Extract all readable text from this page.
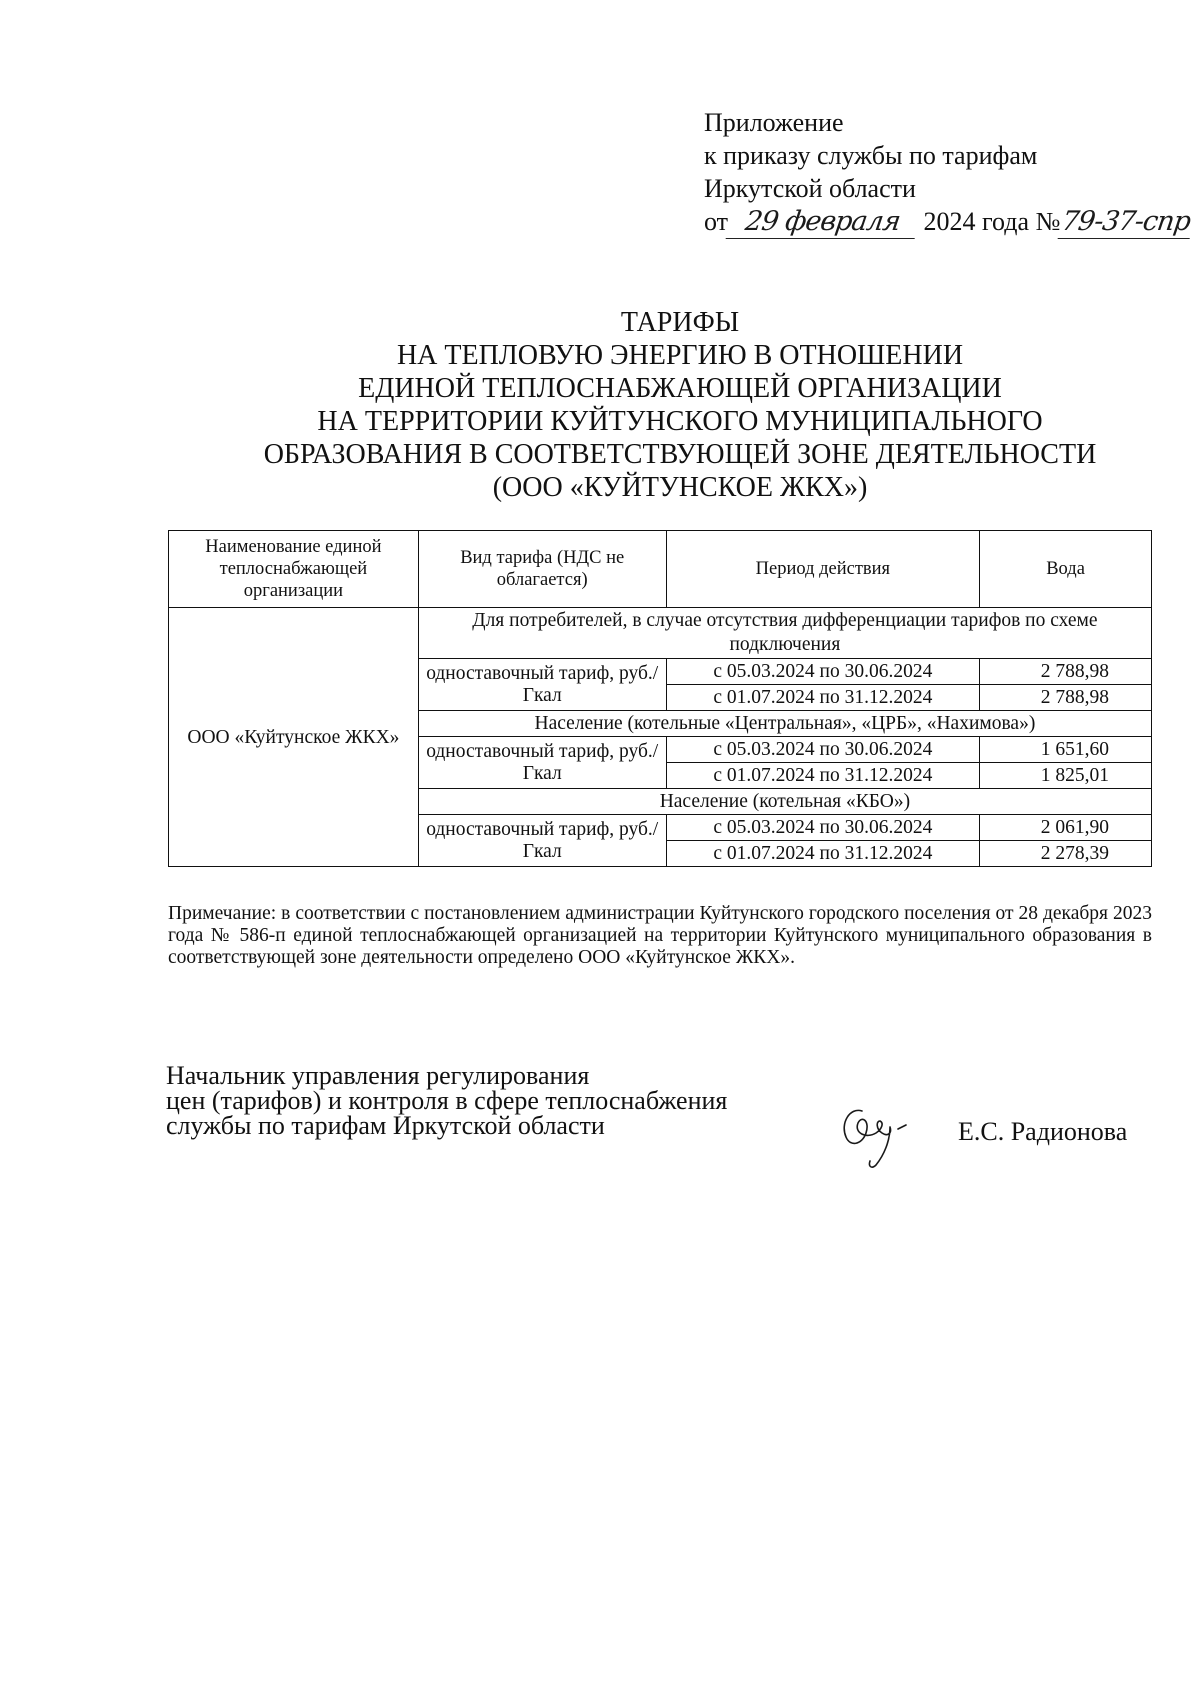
Приложение
к приказу службы по тарифам
Иркутской области
от 29 февраля 2024 года №79-37-спр
ТАРИФЫ
НА ТЕПЛОВУЮ ЭНЕРГИЮ В ОТНОШЕНИИ
ЕДИНОЙ ТЕПЛОСНАБЖАЮЩЕЙ ОРГАНИЗАЦИИ
НА ТЕРРИТОРИИ КУЙТУНСКОГО МУНИЦИПАЛЬНОГО
ОБРАЗОВАНИЯ В СООТВЕТСТВУЮЩЕЙ ЗОНЕ ДЕЯТЕЛЬНОСТИ
(ООО «КУЙТУНСКОЕ ЖКХ»)
Наименование единой теплоснабжающей организации	Вид тарифа (НДС не облагается)	Период действия	Вода
ООО «Куйтунское ЖКХ»	Для потребителей, в случае отсутствия дифференциации тарифов по схеме подключения		
	одноставочный тариф, руб./Гкал	с 05.03.2024 по 30.06.2024	2 788,98
		с 01.07.2024 по 31.12.2024	2 788,98
	Население (котельные «Центральная», «ЦРБ», «Нахимова»)		
	одноставочный тариф, руб./Гкал	с 05.03.2024 по 30.06.2024	1 651,60
		с 01.07.2024 по 31.12.2024	1 825,01
	Население (котельная «КБО»)		
	одноставочный тариф, руб./Гкал	с 05.03.2024 по 30.06.2024	2 061,90
		с 01.07.2024 по 31.12.2024	2 278,39
Примечание: в соответствии с постановлением администрации Куйтунского городского поселения от 28 декабря 2023 года № 586-п единой теплоснабжающей организацией на территории Куйтунского муниципального образования в соответствующей зоне деятельности определено ООО «Куйтунское ЖКХ».
Начальник управления регулирования
цен (тарифов) и контроля в сфере теплоснабжения
службы по тарифам Иркутской области	Е.С. Радионова
